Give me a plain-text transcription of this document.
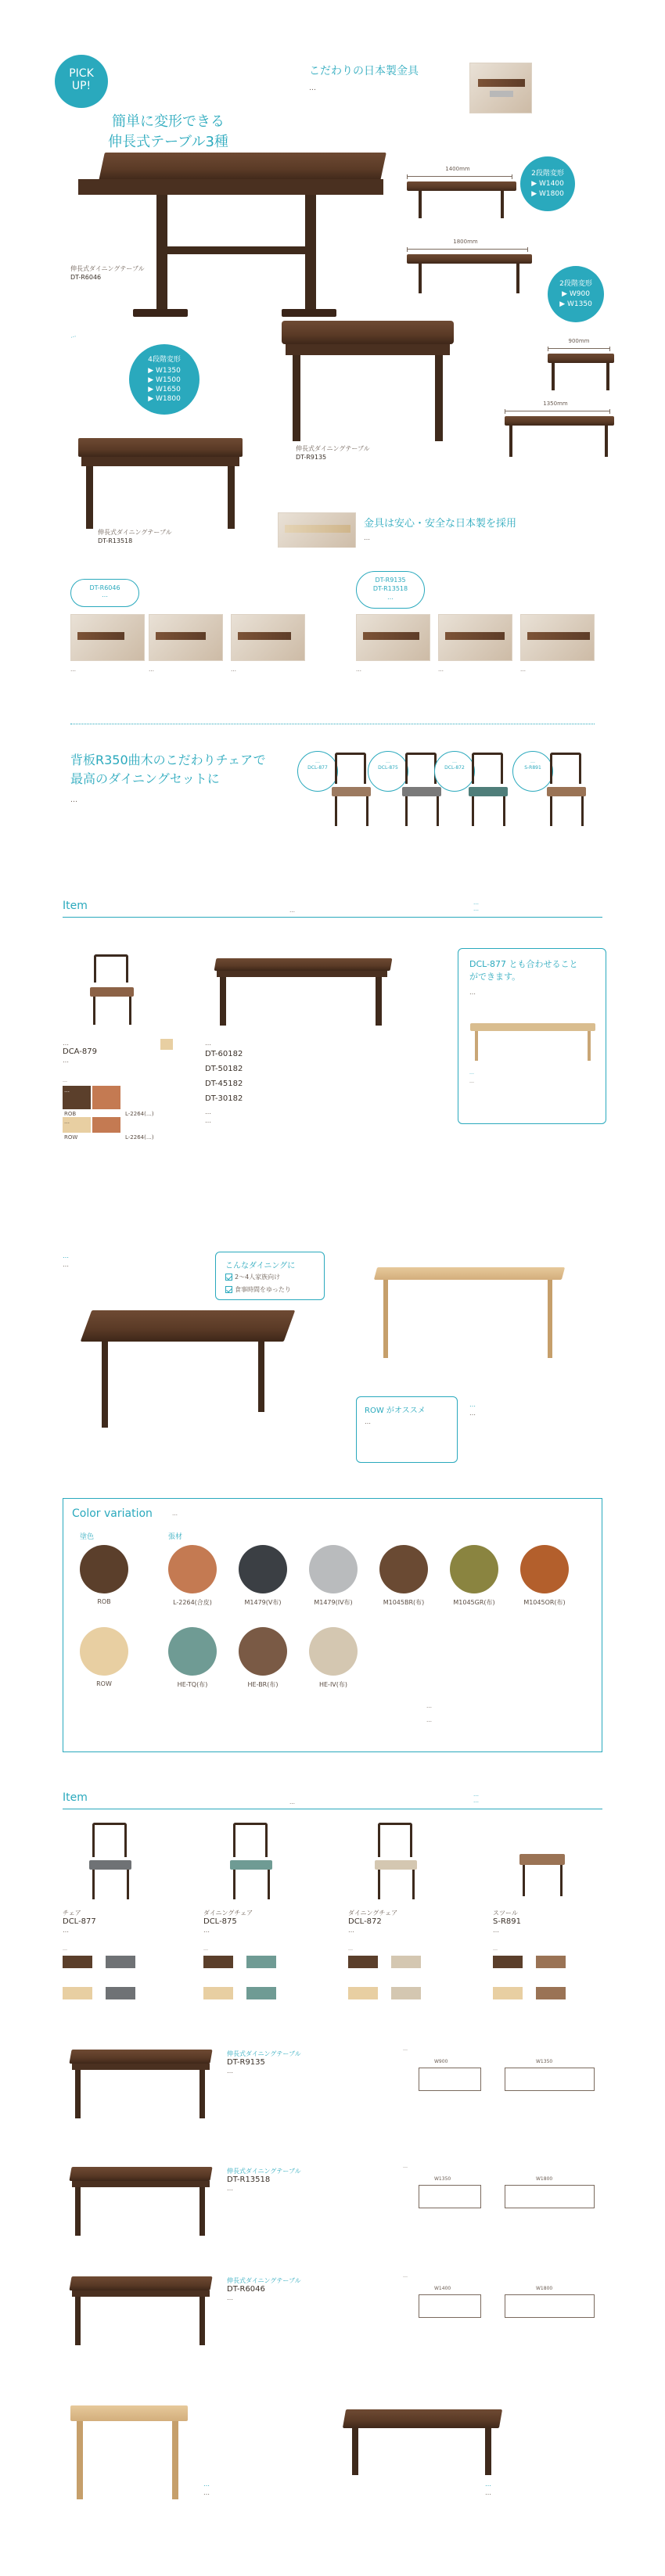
PICK
UP!
簡単に変形できる
伸長式テーブル3種
こだわりの日本製金具
…
伸長式ダイニングテーブル
DT-R6046
2段階変形
▶ W1400
▶ W1800
1400mm
1800mm
2段階変形
▶ W900
▶ W1350
伸長式ダイニングテーブル
DT-R9135
900mm
1350mm
…
4段階変形
▶ W1350
▶ W1500
▶ W1650
▶ W1800
伸長式ダイニングテーブル
DT-R13518
金具は安心・安全な日本製を採用
…
DT-R6046
…
DT-R9135
DT-R13518
…
…	…	…	…	…	…
背板R350曲木のこだわりチェアで
最高のダイニングセットに
…
…
DCL-877
…
DCL-875
…
DCL-872
…
S-R891
Item	…
…
…
…
DCA-879
…
…
…
ROB	L-2264(…)
…
ROW	L-2264(…)
…
DT-60182
DT-50182
DT-45182
DT-30182
…
…
DCL-877 とも合わせること
ができます。
…
…
…
…
…	こんなダイニングに
2～4人家族向け
食事時間をゆったり
ROW がオススメ
…
…
…
Color variation	…
塗色	張材
ROB	L-2264(合皮)	M1479(V布)	M1479(IV布)	M1045BR(布)	M1045GR(布)	M1045OR(布)
ROW	HE-TQ(布)	HE-BR(布)	HE-IV(布)
…
…
Item	…
…
…
チェア
DCL-877
…
…
ダイニングチェア
DCL-875
…
…
ダイニングチェア
DCL-872
…
…
スツール
S-R891
…
…
伸長式ダイニングテーブル
DT-R9135
…
…
W900	W1350
伸長式ダイニングテーブル
DT-R13518
…
…
W1350	W1800
伸長式ダイニングテーブル
DT-R6046
…
…
W1400	W1800
…
…
…
…
